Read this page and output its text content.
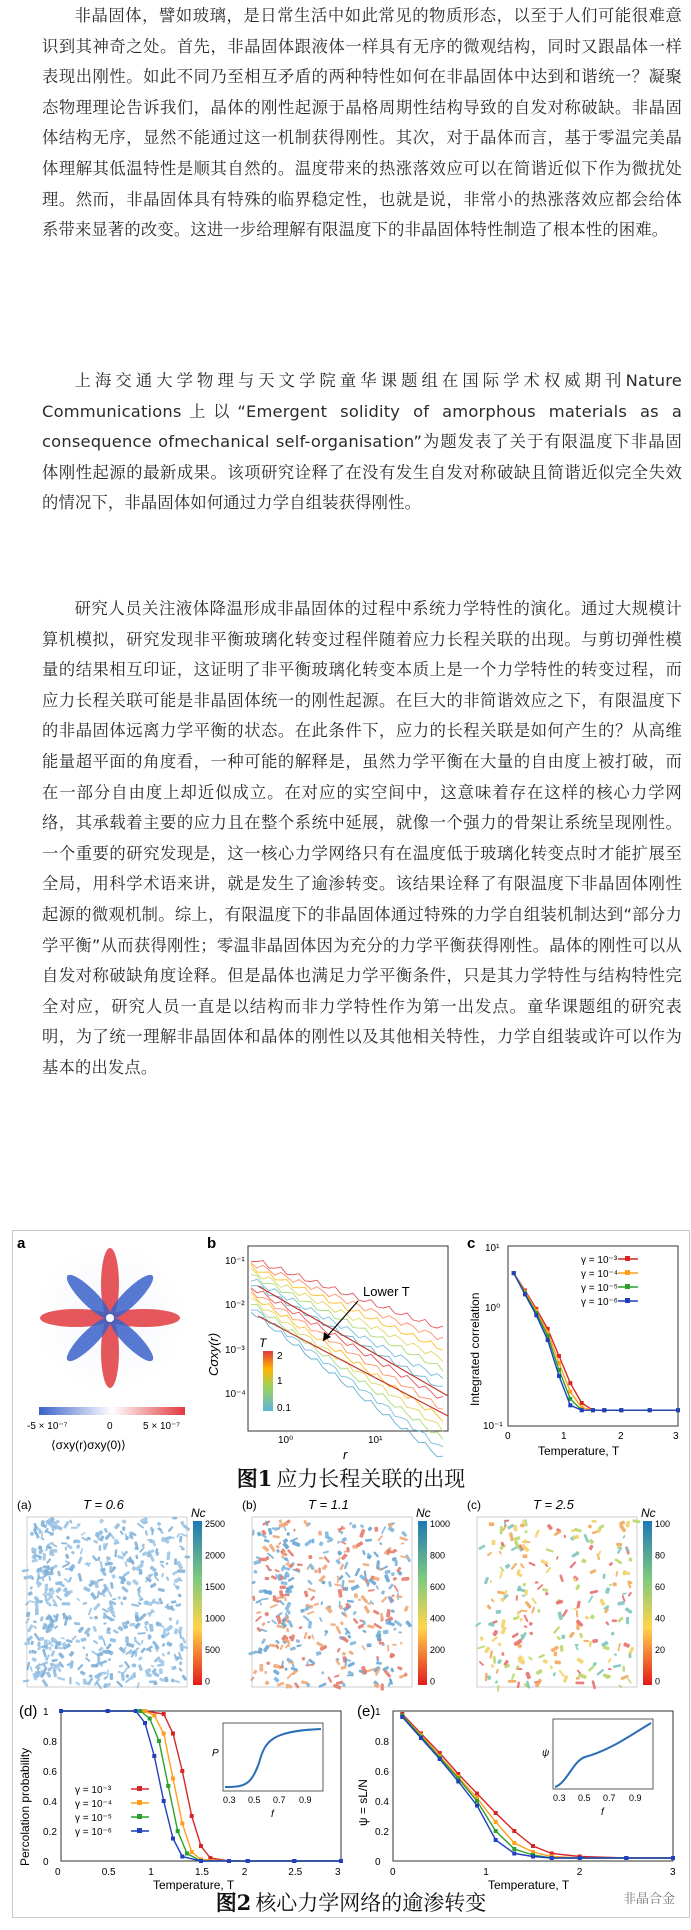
非晶固体，譬如玻璃，是日常生活中如此常见的物质形态，以至于人们可能很难意识到其神奇之处。首先，非晶固体跟液体一样具有无序的微观结构，同时又跟晶体一样表现出刚性。如此不同乃至相互矛盾的两种特性如何在非晶固体中达到和谐统一？凝聚态物理理论告诉我们，晶体的刚性起源于晶格周期性结构导致的自发对称破缺。非晶固体结构无序，显然不能通过这一机制获得刚性。其次，对于晶体而言，基于零温完美晶体理解其低温特性是顺其自然的。温度带来的热涨落效应可以在简谐近似下作为微扰处理。然而，非晶固体具有特殊的临界稳定性，也就是说，非常小的热涨落效应都会给体系带来显著的改变。这进一步给理解有限温度下的非晶固体特性制造了根本性的困难。

上海交通大学物理与天文学院童华课题组在国际学术权威期刊Nature Communications上以“Emergent solidity of amorphous materials as a consequence ofmechanical self-organisation”为题发表了关于有限温度下非晶固体刚性起源的最新成果。该项研究诠释了在没有发生自发对称破缺且简谐近似完全失效的情况下，非晶固体如何通过力学自组装获得刚性。

研究人员关注液体降温形成非晶固体的过程中系统力学特性的演化。通过大规模计算机模拟，研究发现非平衡玻璃化转变过程伴随着应力长程关联的出现。与剪切弹性模量的结果相互印证，这证明了非平衡玻璃化转变本质上是一个力学特性的转变过程，而应力长程关联可能是非晶固体统一的刚性起源。在巨大的非简谐效应之下，有限温度下的非晶固体远离力学平衡的状态。在此条件下，应力的长程关联是如何产生的？从高维能量超平面的角度看，一种可能的解释是，虽然力学平衡在大量的自由度上被打破，而在一部分自由度上却近似成立。在对应的实空间中，这意味着存在这样的核心力学网络，其承载着主要的应力且在整个系统中延展，就像一个强力的骨架让系统呈现刚性。一个重要的研究发现是，这一核心力学网络只有在温度低于玻璃化转变点时才能扩展至全局，用科学术语来讲，就是发生了逾渗转变。该结果诠释了有限温度下非晶固体刚性起源的微观机制。综上，有限温度下的非晶固体通过特殊的力学自组装机制达到“部分力学平衡”从而获得刚性；零温非晶固体因为充分的力学平衡获得刚性。晶体的刚性可以从自发对称破缺角度诠释。但是晶体也满足力学平衡条件，只是其力学特性与结构特性完全对应，研究人员一直是以结构而非力学特性作为第一出发点。童华课题组的研究表明，为了统一理解非晶固体和晶体的刚性以及其他相关特性，力学自组装或许可以作为基本的出发点。

a
-5 × 10⁻⁷	0	5 × 10⁻⁷
⟨σxy(r)σxy(0)⟩
b
10⁻¹
10⁻²
10⁻³
10⁻⁴
10⁰	10¹
r
Cσxy(r)
Lower T
T
2
1
0.1
c 10¹
10⁰
10⁻¹
0	1	2	3
Temperature, T
Integrated correlation
γ = 10⁻³
γ = 10⁻⁴
γ = 10⁻⁵
γ = 10⁻⁶
图1 应力长程关联的出现
(a)	T = 0.6
Nc
2500
2000
1500
1000
500
0
(b)	T = 1.1
Nc
1000
800
600
400
200
0
(c)	T = 2.5
Nc
100
80
60
40
20
0
(d) 1
0.8
0.6
0.4
0.2
0
0	0.5	1	1.5	2	2.5	3
Temperature, T
Percolation probability	γ = 10⁻³
γ = 10⁻⁴
γ = 10⁻⁵
γ = 10⁻⁶
P
f
0.3 0.5 0.7 0.9
(e) 1
0.8
0.6
0.4
0.2
0
0	1	2	3
Temperature, T
ψ = sL/N
ψ
f
0.3 0.5 0.7 0.9
图2 核心力学网络的逾渗转变	非晶合金
